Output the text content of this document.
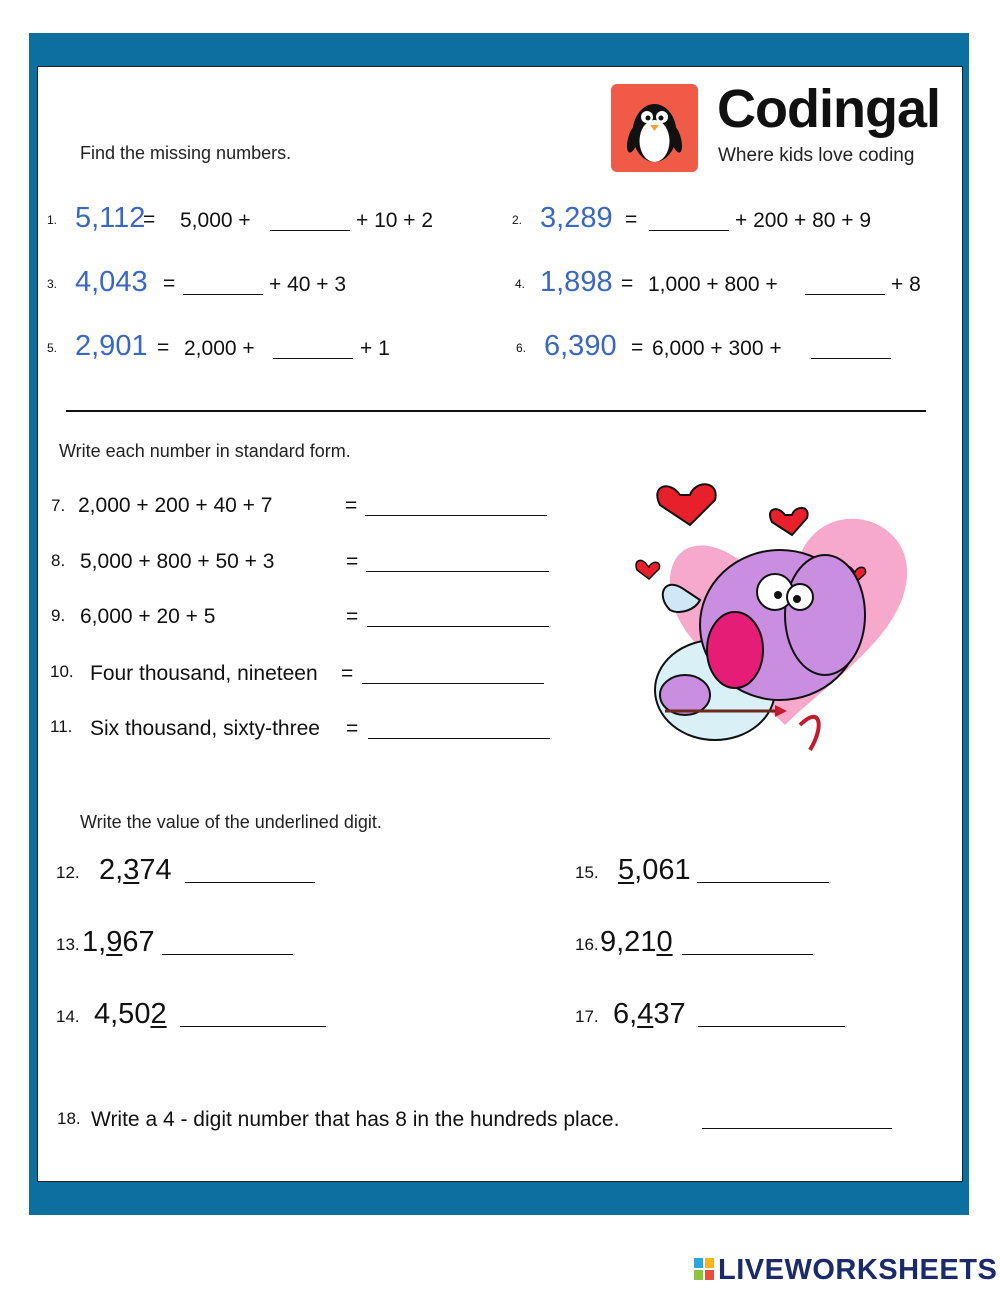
Codingal
Where kids love coding
Find the missing numbers.
1. 5,112
= 5,000 +	+ 10 + 2	2. 3,289 =	+ 200 + 80 + 9
3. 4,043 =	+ 40 + 3	4. 1,898 = 1,000 + 800 +	+ 8
5. 2,901 = 2,000 +	+ 1	6. 6,390 = 6,000 + 300 +
Write each number in standard form.
7. 2,000 + 200 + 40 + 7	=
8. 5,000 + 800 + 50 + 3	=
9. 6,000 + 20 + 5	=
10. Four thousand, nineteen =
11. Six thousand, sixty-three =
Write the value of the underlined digit.
12. 2,374
13. 1,967
14. 4,502
15. 5,061
16. 9,210
17. 6,437
18. Write a 4 - digit number that has 8 in the hundreds place.
LIVEWORKSHEETS
